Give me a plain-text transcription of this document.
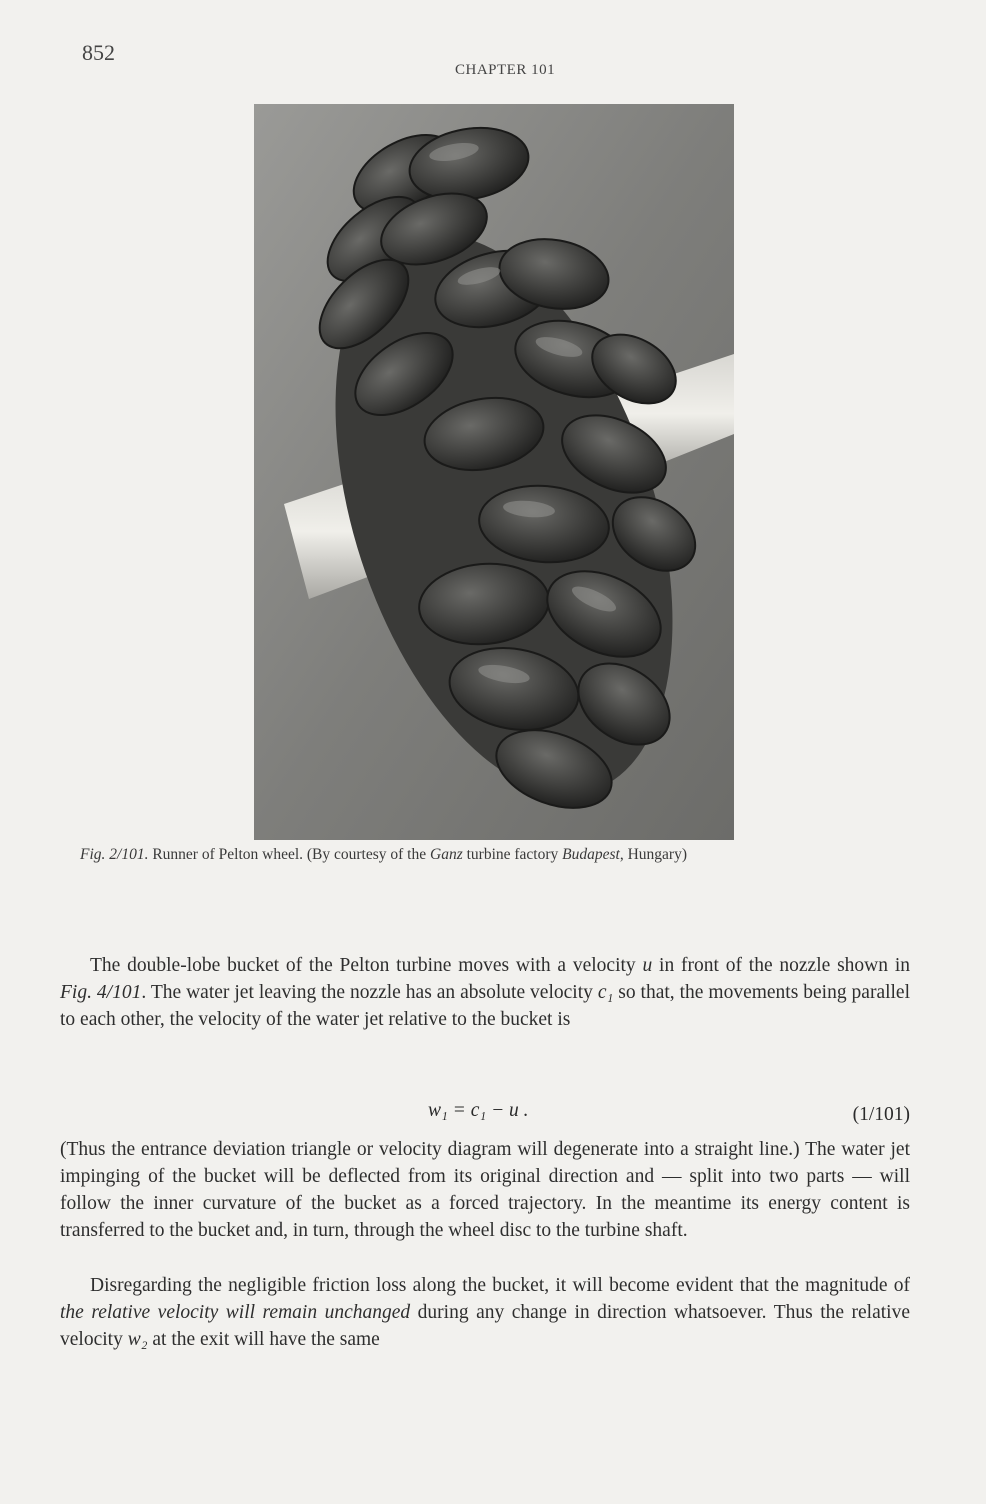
852
CHAPTER 101
Fig. 2/101. Runner of Pelton wheel. (By courtesy of the Ganz turbine factory Budapest, Hungary)

The double-lobe bucket of the Pelton turbine moves with a velocity u in front of the nozzle shown in Fig. 4/101. The water jet leaving the nozzle has an absolute velocity c₁ so that, the movements being parallel to each other, the velocity of the water jet relative to the bucket is

w₁ = c₁ − u .	(1/101)

(Thus the entrance deviation triangle or velocity diagram will degenerate into a straight line.) The water jet impinging of the bucket will be deflected from its original direction and — split into two parts — will follow the inner curvature of the bucket as a forced trajectory. In the meantime its energy content is transferred to the bucket and, in turn, through the wheel disc to the turbine shaft.

Disregarding the negligible friction loss along the bucket, it will become evident that the magnitude of the relative velocity will remain unchanged during any change in direction whatsoever. Thus the relative velocity w₂ at the exit will have the same
